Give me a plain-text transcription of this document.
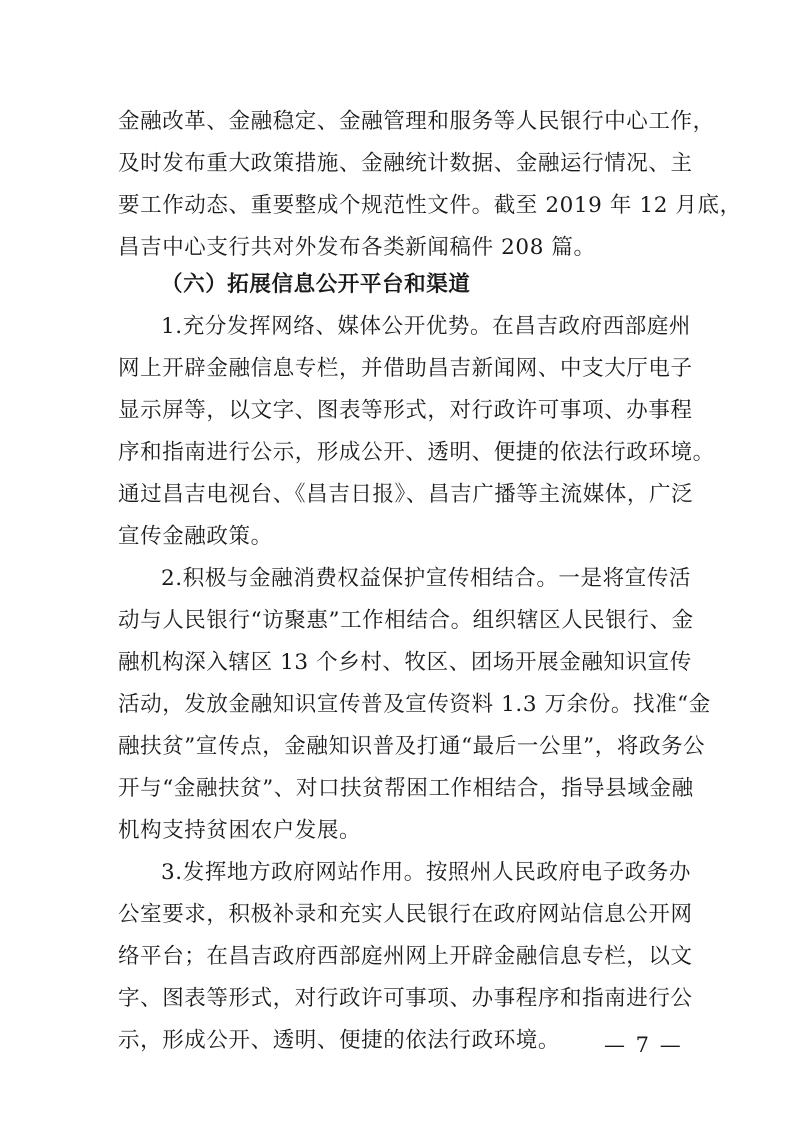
金融改革、金融稳定、金融管理和服务等人民银行中心工作，
及时发布重大政策措施、金融统计数据、金融运行情况、主
要工作动态、重要整成个规范性文件。截至 2019 年 12 月底，
昌吉中心支行共对外发布各类新闻稿件 208 篇。
（六）拓展信息公开平台和渠道
1.充分发挥网络、媒体公开优势。在昌吉政府西部庭州
网上开辟金融信息专栏，并借助昌吉新闻网、中支大厅电子
显示屏等，以文字、图表等形式，对行政许可事项、办事程
序和指南进行公示，形成公开、透明、便捷的依法行政环境。
通过昌吉电视台、《昌吉日报》、昌吉广播等主流媒体，广泛
宣传金融政策。
2.积极与金融消费权益保护宣传相结合。一是将宣传活
动与人民银行“访聚惠”工作相结合。组织辖区人民银行、金
融机构深入辖区 13 个乡村、牧区、团场开展金融知识宣传
活动，发放金融知识宣传普及宣传资料 1.3 万余份。找准“金
融扶贫”宣传点，金融知识普及打通“最后一公里”，将政务公
开与“金融扶贫”、对口扶贫帮困工作相结合，指导县域金融
机构支持贫困农户发展。
3.发挥地方政府网站作用。按照州人民政府电子政务办
公室要求，积极补录和充实人民银行在政府网站信息公开网
络平台；在昌吉政府西部庭州网上开辟金融信息专栏，以文
字、图表等形式，对行政许可事项、办事程序和指南进行公
示，形成公开、透明、便捷的依法行政环境。	— 7 —
